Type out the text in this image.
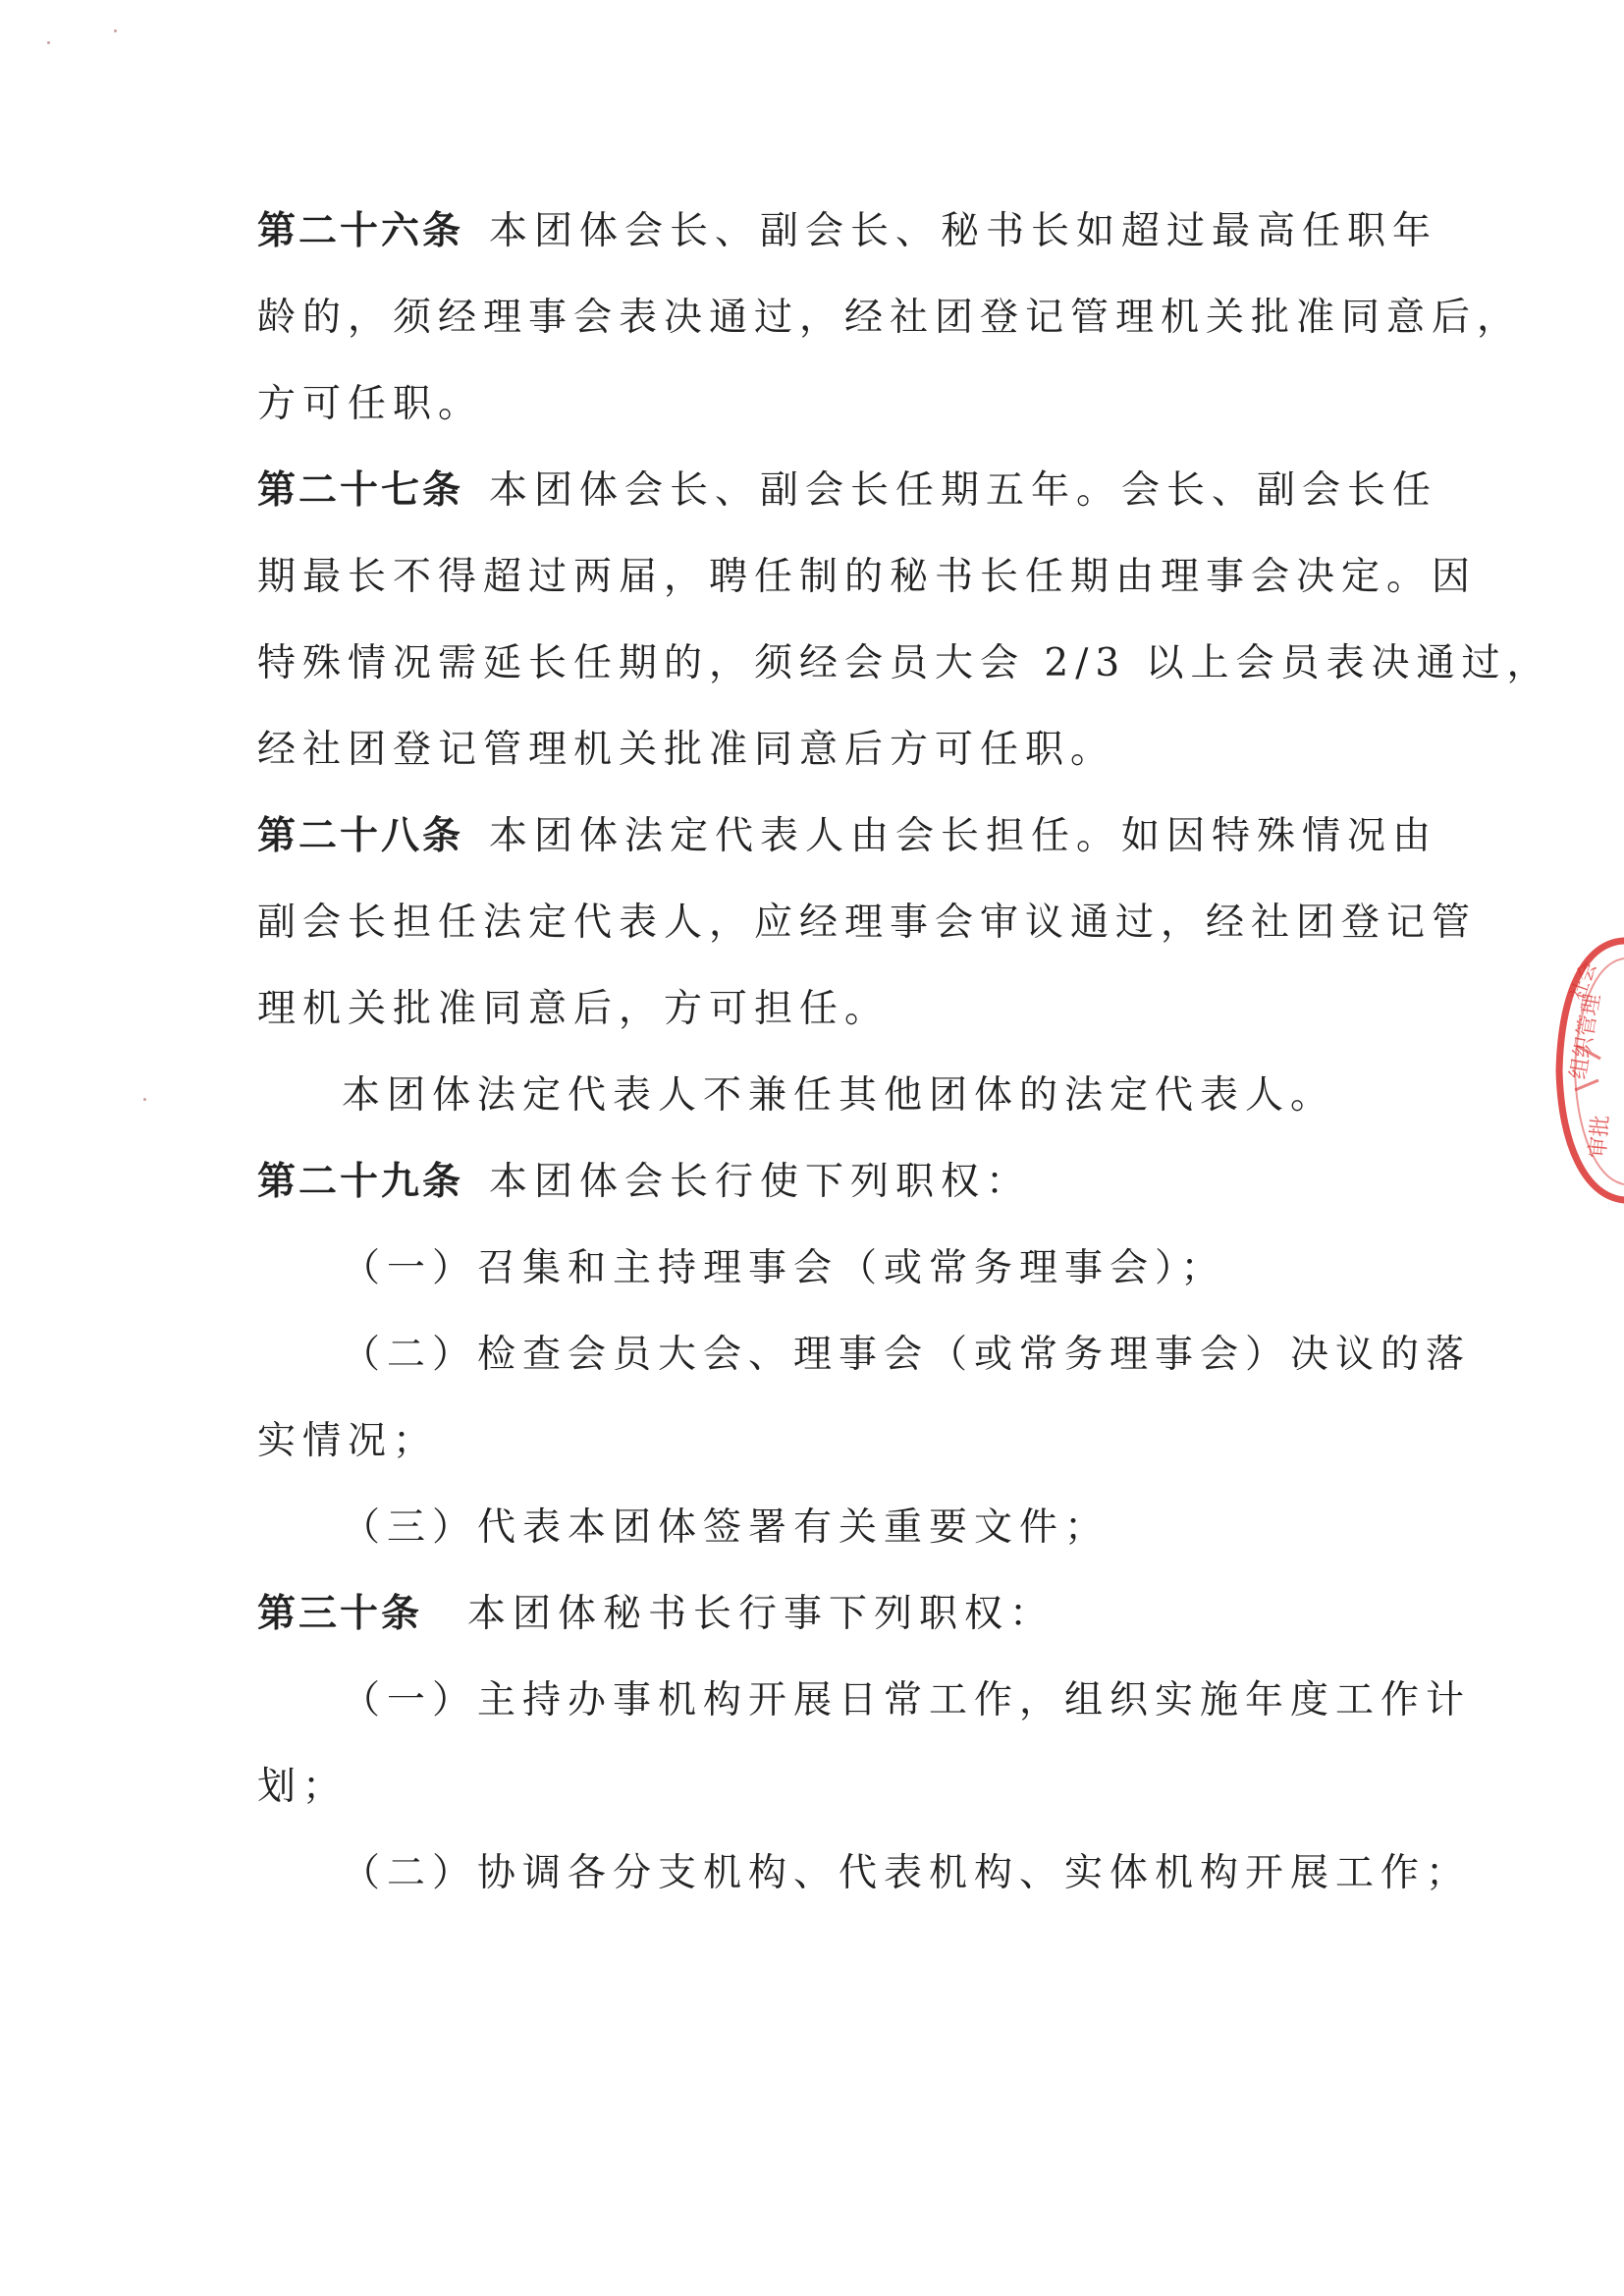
第二十六条 本团体会长、副会长、秘书长如超过最高任职年
龄的，须经理事会表决通过，经社团登记管理机关批准同意后，
方可任职。
第二十七条 本团体会长、副会长任期五年。会长、副会长任
期最长不得超过两届，聘任制的秘书长任期由理事会决定。因
特殊情况需延长任期的，须经会员大会 2/3 以上会员表决通过，
经社团登记管理机关批准同意后方可任职。
第二十八条 本团体法定代表人由会长担任。如因特殊情况由
副会长担任法定代表人，应经理事会审议通过，经社团登记管
理机关批准同意后，方可担任。
本团体法定代表人不兼任其他团体的法定代表人。
第二十九条 本团体会长行使下列职权：
（一）召集和主持理事会（或常务理事会）；
（二）检查会员大会、理事会（或常务理事会）决议的落
实情况；
（三）代表本团体签署有关重要文件；
第三十条 本团体秘书长行事下列职权：
（一）主持办事机构开展日常工作，组织实施年度工作计
划；
（二）协调各分支机构、代表机构、实体机构开展工作；
社会
组织管理
审批
